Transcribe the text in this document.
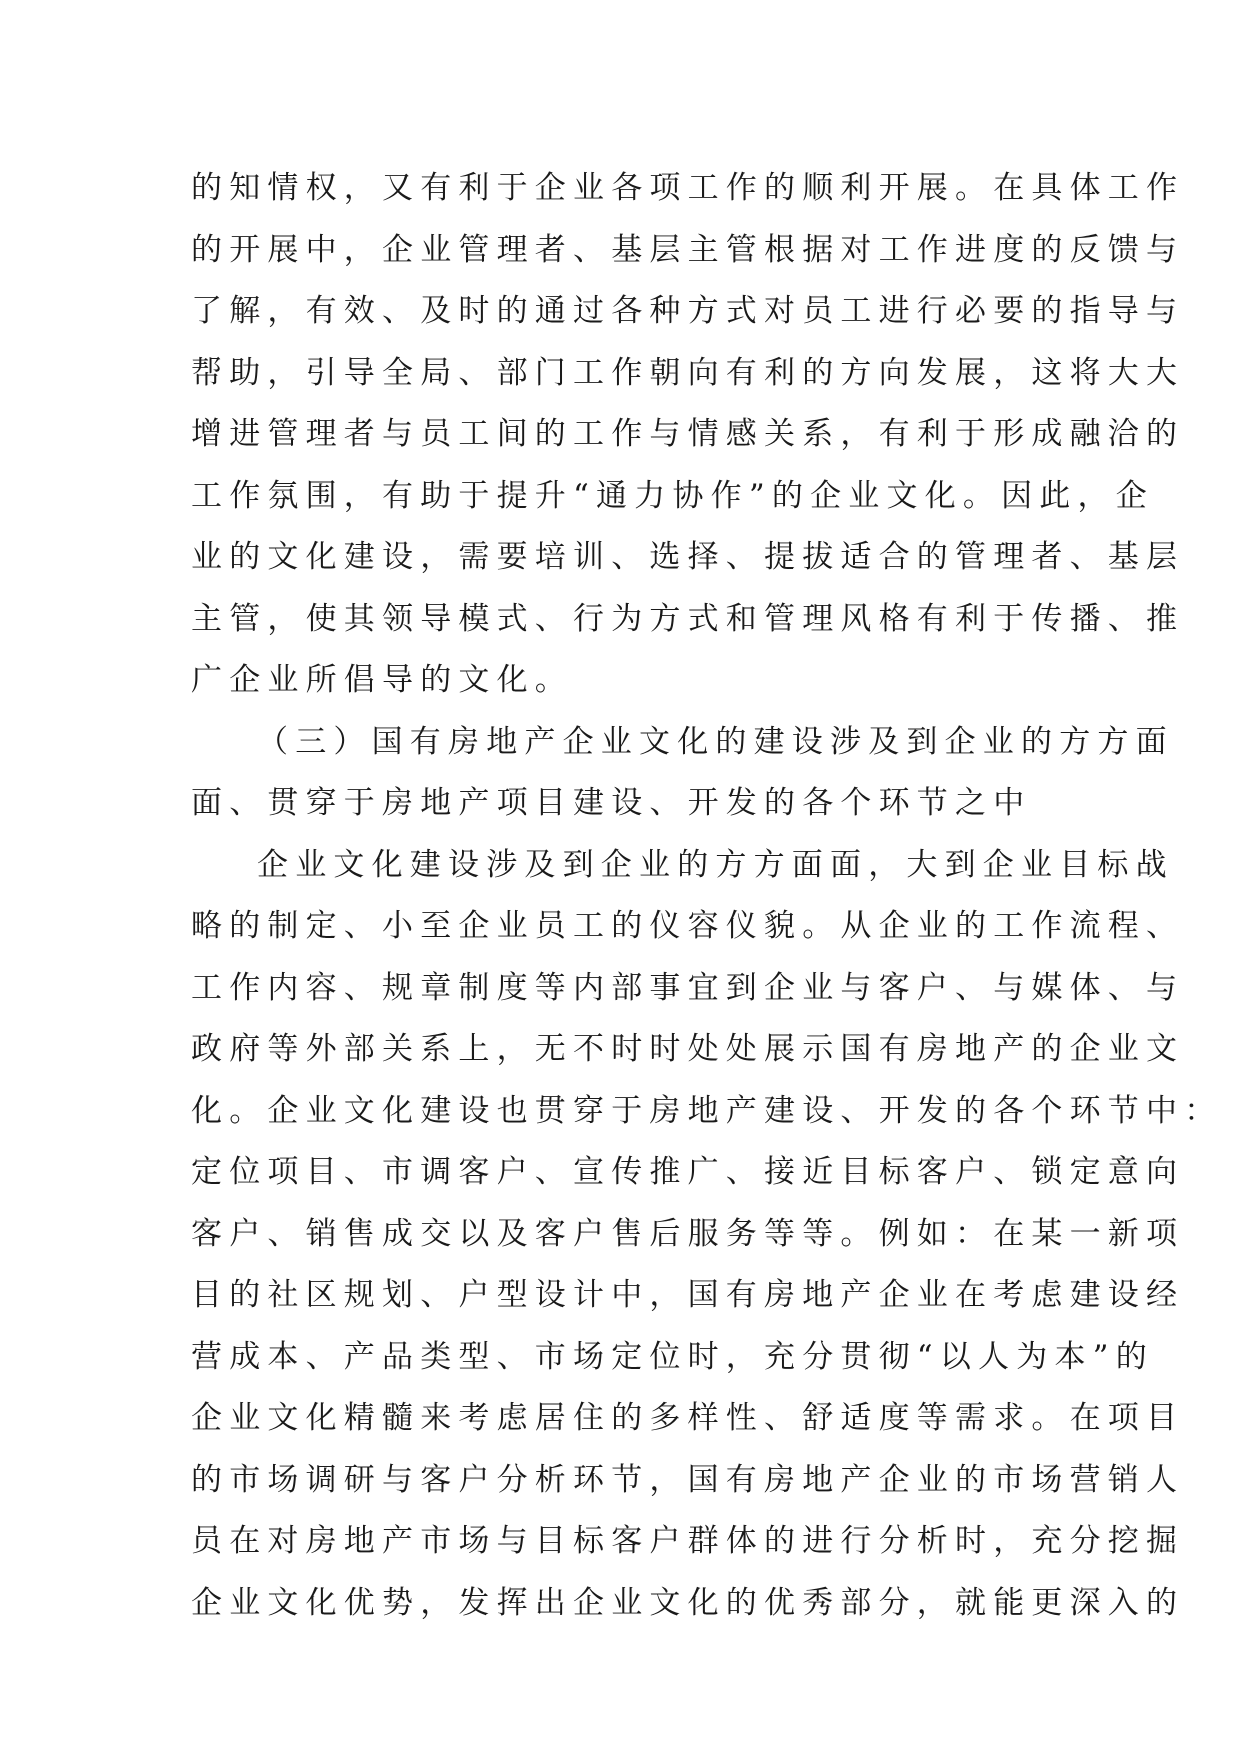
的知情权，又有利于企业各项工作的顺利开展。在具体工作
的开展中，企业管理者、基层主管根据对工作进度的反馈与
了解，有效、及时的通过各种方式对员工进行必要的指导与
帮助，引导全局、部门工作朝向有利的方向发展，这将大大
增进管理者与员工间的工作与情感关系，有利于形成融洽的
工作氛围，有助于提升“通力协作”的企业文化。因此，企
业的文化建设，需要培训、选择、提拔适合的管理者、基层
主管，使其领导模式、行为方式和管理风格有利于传播、推
广企业所倡导的文化。
（三）国有房地产企业文化的建设涉及到企业的方方面
面、贯穿于房地产项目建设、开发的各个环节之中
企业文化建设涉及到企业的方方面面，大到企业目标战
略的制定、小至企业员工的仪容仪貌。从企业的工作流程、
工作内容、规章制度等内部事宜到企业与客户、与媒体、与
政府等外部关系上，无不时时处处展示国有房地产的企业文
化。企业文化建设也贯穿于房地产建设、开发的各个环节中：
定位项目、市调客户、宣传推广、接近目标客户、锁定意向
客户、销售成交以及客户售后服务等等。例如：在某一新项
目的社区规划、户型设计中，国有房地产企业在考虑建设经
营成本、产品类型、市场定位时，充分贯彻“以人为本”的
企业文化精髓来考虑居住的多样性、舒适度等需求。在项目
的市场调研与客户分析环节，国有房地产企业的市场营销人
员在对房地产市场与目标客户群体的进行分析时，充分挖掘
企业文化优势，发挥出企业文化的优秀部分，就能更深入的
